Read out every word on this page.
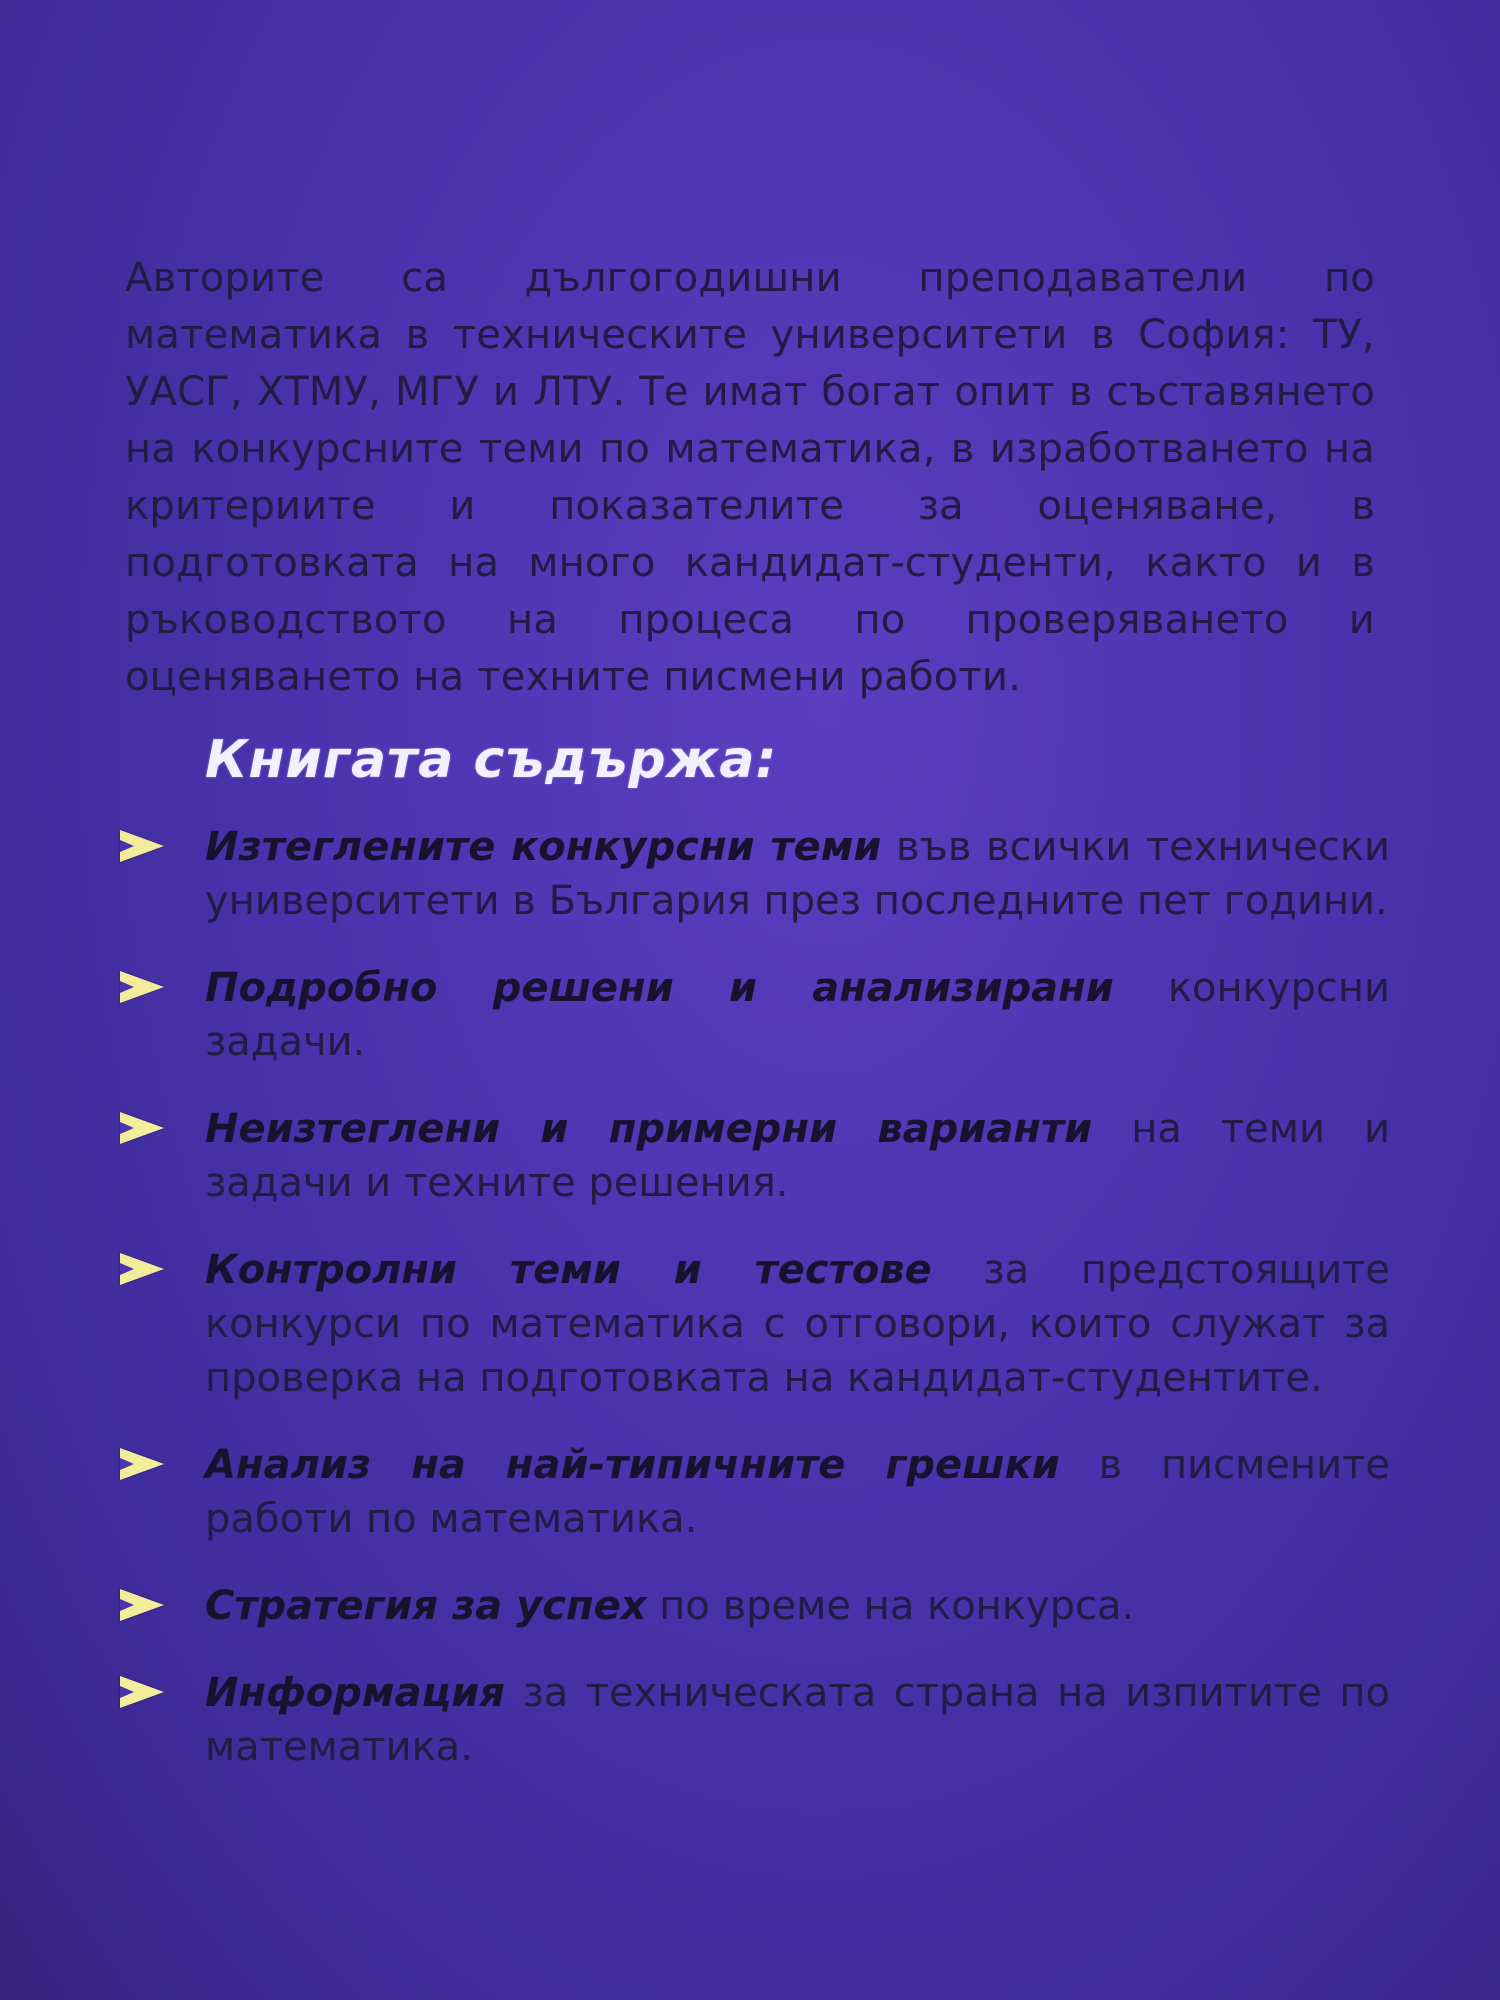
Авторите са дългогодишни преподаватели по математика в техническите университети в София: ТУ, УАСГ, ХТМУ, МГУ и ЛТУ. Те имат богат опит в съставянето на конкурсните теми по математика, в изработването на критериите и показателите за оценяване, в подготовката на много кандидат-студенти, както и в ръководството на процеса по проверяването и оценяването на техните писмени работи.

Книгата съдържа:
Изтеглените конкурсни теми във всички технически университети в България през последните пет години.
Подробно решени и анализирани конкурсни задачи.
Неизтеглени и примерни варианти на теми и задачи и техните решения.
Контролни теми и тестове за предстоящите конкурси по математика с отговори, които служат за проверка на подготовката на кандидат-студентите.
Анализ на най-типичните грешки в писмените работи по математика.
Стратегия за успех по време на конкурса.
Информация за техническата страна на изпитите по математика.
